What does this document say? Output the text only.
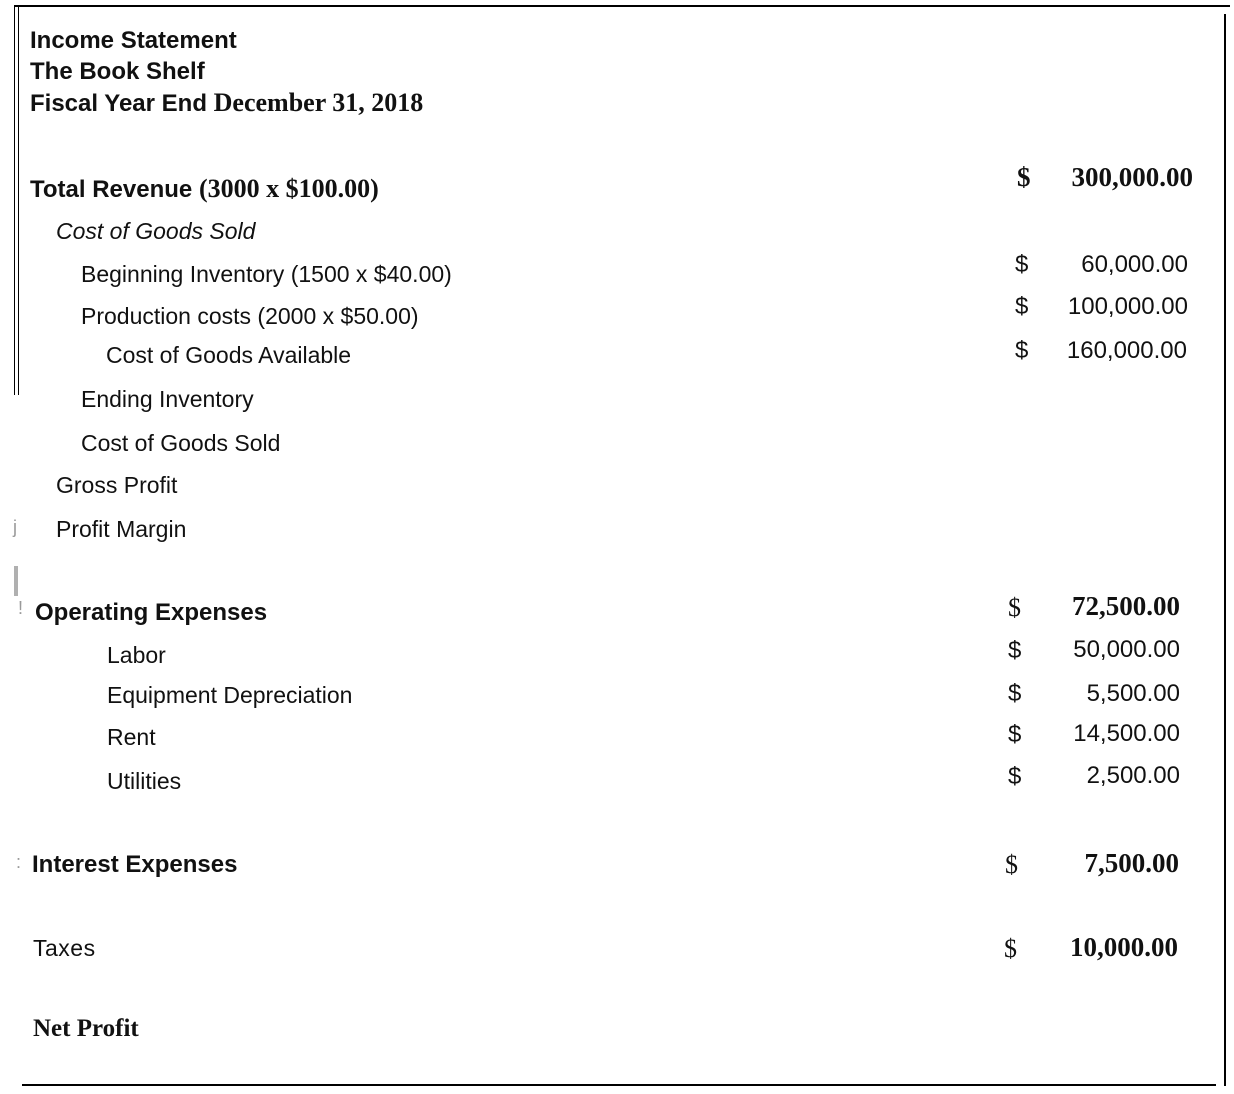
j
!
:
Income Statement
The Book Shelf
Fiscal Year End December 31, 2018
Total Revenue (3000 x $100.00)	$ 300,000.00
Cost of Goods Sold
Beginning Inventory (1500 x $40.00)	$ 60,000.00
Production costs (2000 x $50.00)	$ 100,000.00
Cost of Goods Available	$ 160,000.00
Ending Inventory
Cost of Goods Sold
Gross Profit
Profit Margin
Operating Expenses	$ 72,500.00
Labor	$ 50,000.00
Equipment Depreciation	$	5,500.00
Rent	$ 14,500.00
Utilities	$	2,500.00
Interest Expenses	$ 7,500.00
Taxes	$ 10,000.00
Net Profit
